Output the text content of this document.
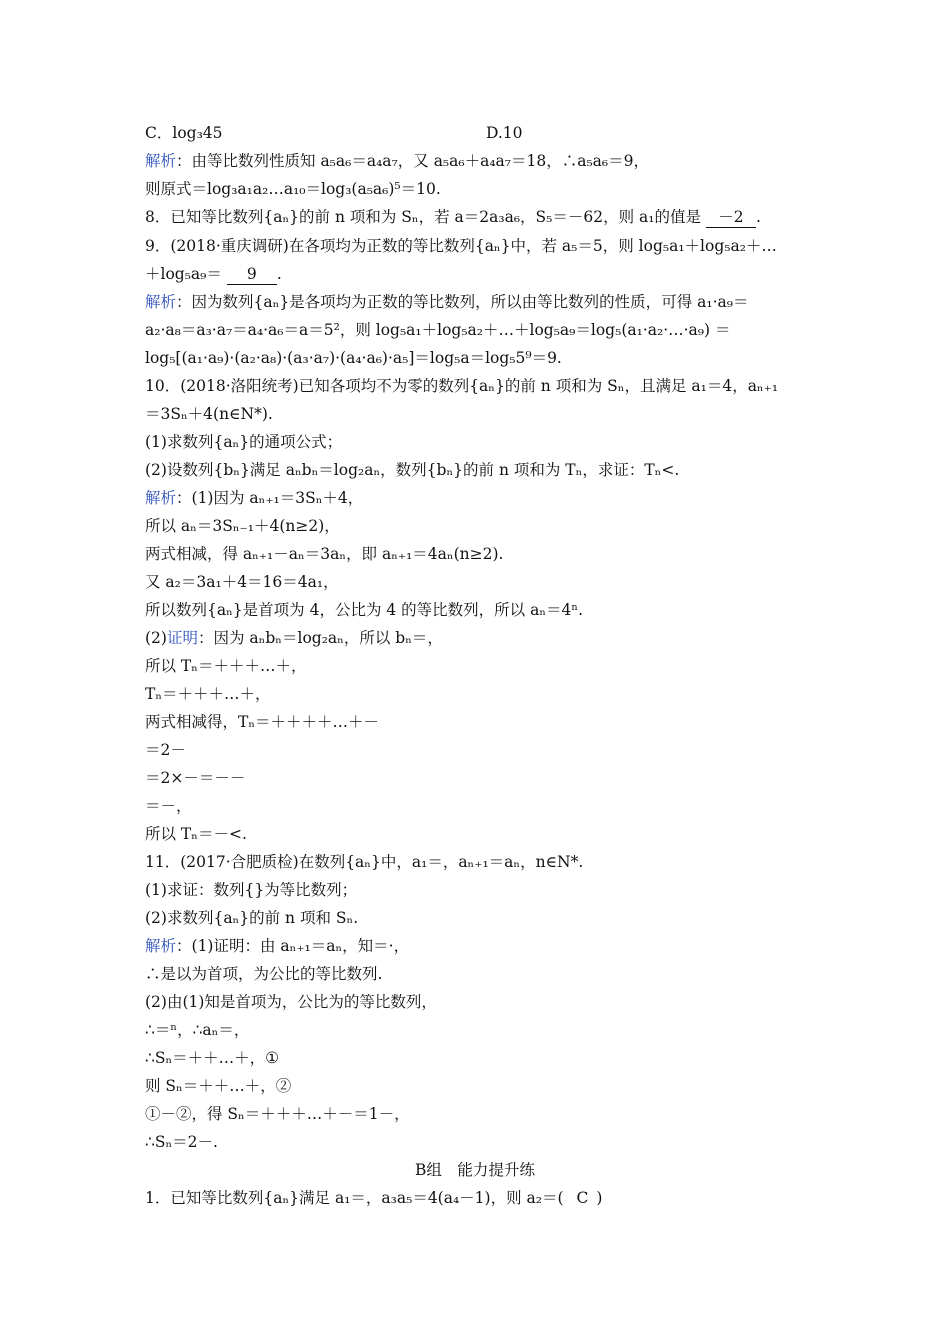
C．log₃45	D.10
解析：由等比数列性质知 a₅a₆＝a₄a₇，又 a₅a₆＋a₄a₇＝18，∴a₅a₆＝9，
则原式＝log₃a₁a₂…a₁₀＝log₃(a₅a₆)⁵＝10.
8．已知等比数列{aₙ}的前 n 项和为 Sₙ，若 a＝2a₃a₆，S₅＝－62，则 a₁的值是 －2 .
9．(2018·重庆调研)在各项均为正数的等比数列{aₙ}中，若 a₅＝5，则 log₅a₁＋log₅a₂＋…
＋log₅a₉＝ 9 .
解析：因为数列{aₙ}是各项均为正数的等比数列，所以由等比数列的性质，可得 a₁·a₉＝
a₂·a₈＝a₃·a₇＝a₄·a₆＝a＝5²，则 log₅a₁＋log₅a₂＋…＋log₅a₉＝log₅(a₁·a₂·…·a₉) ＝
log₅[(a₁·a₉)·(a₂·a₈)·(a₃·a₇)·(a₄·a₆)·a₅]＝log₅a＝log₅5⁹＝9.
10．(2018·洛阳统考)已知各项均不为零的数列{aₙ}的前 n 项和为 Sₙ，且满足 a₁＝4，aₙ₊₁
＝3Sₙ＋4(n∈N*).
(1)求数列{aₙ}的通项公式；
(2)设数列{bₙ}满足 aₙbₙ＝log₂aₙ，数列{bₙ}的前 n 项和为 Tₙ，求证：Tₙ<.
解析：(1)因为 aₙ₊₁＝3Sₙ＋4，
所以 aₙ＝3Sₙ₋₁＋4(n≥2)，
两式相减，得 aₙ₊₁－aₙ＝3aₙ，即 aₙ₊₁＝4aₙ(n≥2).
又 a₂＝3a₁＋4＝16＝4a₁，
所以数列{aₙ}是首项为 4，公比为 4 的等比数列，所以 aₙ＝4ⁿ.
(2)证明：因为 aₙbₙ＝log₂aₙ，所以 bₙ＝，
所以 Tₙ＝＋＋＋…＋，
Tₙ＝＋＋＋…＋，
两式相减得，Tₙ＝＋＋＋＋…＋－
＝2－
＝2×－＝－－
＝－，
所以 Tₙ＝－<.
11．(2017·合肥质检)在数列{aₙ}中，a₁＝，aₙ₊₁＝aₙ，n∈N*.
(1)求证：数列{}为等比数列；
(2)求数列{aₙ}的前 n 项和 Sₙ.
解析：(1)证明：由 aₙ₊₁＝aₙ，知＝·，
∴是以为首项，为公比的等比数列.
(2)由(1)知是首项为，公比为的等比数列，
∴＝ⁿ，∴aₙ＝，
∴Sₙ＝＋＋…＋，①
则 Sₙ＝＋＋…＋，②
①－②，得 Sₙ＝＋＋＋…＋－＝1－，
∴Sₙ＝2－.
B组　能力提升练
1．已知等比数列{aₙ}满足 a₁＝，a₃a₅＝4(a₄－1)，则 a₂＝( C )
